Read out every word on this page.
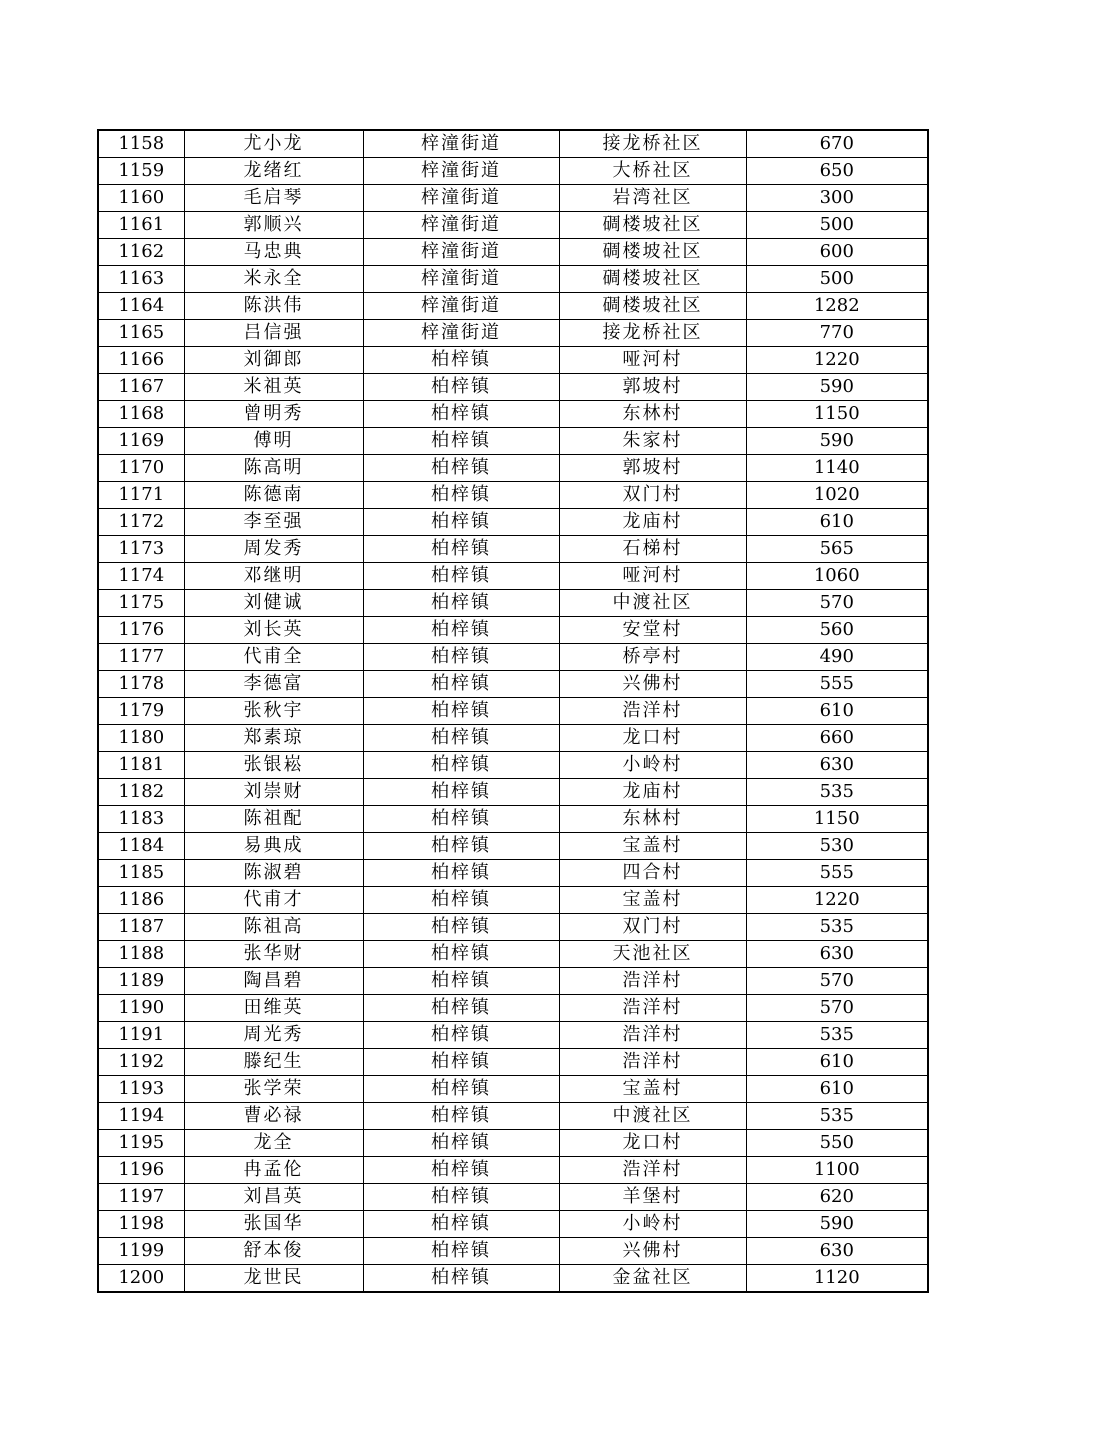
1158	尤小龙	梓潼街道	接龙桥社区	670
1159	龙绪红	梓潼街道	大桥社区	650
1160	毛启琴	梓潼街道	岩湾社区	300
1161	郭顺兴	梓潼街道	碉楼坡社区	500
1162	马忠典	梓潼街道	碉楼坡社区	600
1163	米永全	梓潼街道	碉楼坡社区	500
1164	陈洪伟	梓潼街道	碉楼坡社区	1282
1165	吕信强	梓潼街道	接龙桥社区	770
1166	刘御郎	柏梓镇	哑河村	1220
1167	米祖英	柏梓镇	郭坡村	590
1168	曾明秀	柏梓镇	东林村	1150
1169	傅明	柏梓镇	朱家村	590
1170	陈高明	柏梓镇	郭坡村	1140
1171	陈德南	柏梓镇	双门村	1020
1172	李至强	柏梓镇	龙庙村	610
1173	周发秀	柏梓镇	石梯村	565
1174	邓继明	柏梓镇	哑河村	1060
1175	刘健诚	柏梓镇	中渡社区	570
1176	刘长英	柏梓镇	安堂村	560
1177	代甫全	柏梓镇	桥亭村	490
1178	李德富	柏梓镇	兴佛村	555
1179	张秋宇	柏梓镇	浩洋村	610
1180	郑素琼	柏梓镇	龙口村	660
1181	张银崧	柏梓镇	小岭村	630
1182	刘崇财	柏梓镇	龙庙村	535
1183	陈祖配	柏梓镇	东林村	1150
1184	易典成	柏梓镇	宝盖村	530
1185	陈淑碧	柏梓镇	四合村	555
1186	代甫才	柏梓镇	宝盖村	1220
1187	陈祖高	柏梓镇	双门村	535
1188	张华财	柏梓镇	天池社区	630
1189	陶昌碧	柏梓镇	浩洋村	570
1190	田维英	柏梓镇	浩洋村	570
1191	周光秀	柏梓镇	浩洋村	535
1192	滕纪生	柏梓镇	浩洋村	610
1193	张学荣	柏梓镇	宝盖村	610
1194	曹必禄	柏梓镇	中渡社区	535
1195	龙全	柏梓镇	龙口村	550
1196	冉孟伦	柏梓镇	浩洋村	1100
1197	刘昌英	柏梓镇	羊堡村	620
1198	张国华	柏梓镇	小岭村	590
1199	舒本俊	柏梓镇	兴佛村	630
1200	龙世民	柏梓镇	金盆社区	1120
